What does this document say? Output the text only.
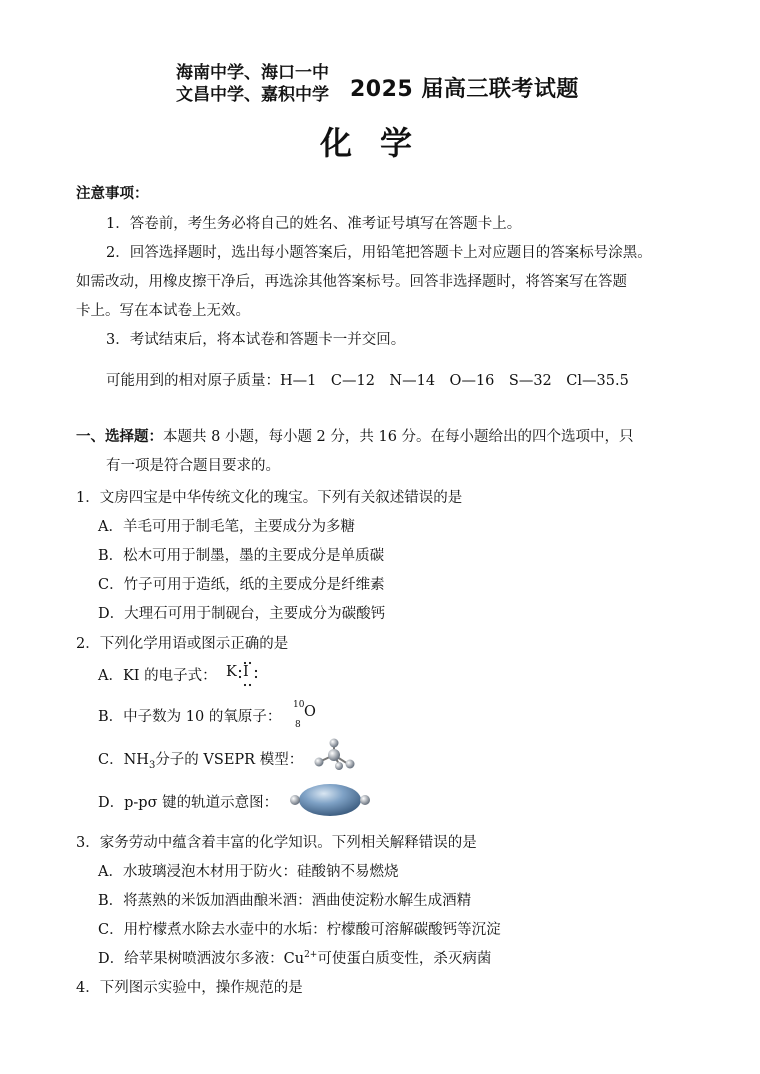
海南中学、海口一中
文昌中学、嘉积中学 2025 届高三联考试题
化学
注意事项：
1．答卷前，考生务必将自己的姓名、准考证号填写在答题卡上。
2．回答选择题时，选出每小题答案后，用铅笔把答题卡上对应题目的答案标号涂黑。
如需改动，用橡皮擦干净后，再选涂其他答案标号。回答非选择题时，将答案写在答题
卡上。写在本试卷上无效。
3．考试结束后，将本试卷和答题卡一并交回。
可能用到的相对原子质量：H—1　C—12　N—14　O—16　S—32　Cl—35.5
一、选择题：本题共 8 小题，每小题 2 分，共 16 分。在每小题给出的四个选项中，只
有一项是符合题目要求的。
1．文房四宝是中华传统文化的瑰宝。下列有关叙述错误的是
A．羊毛可用于制毛笔，主要成分为多糖
B．松木可用于制墨，墨的主要成分是单质碳
C．竹子可用于造纸，纸的主要成分是纤维素
D．大理石可用于制砚台，主要成分为碳酸钙
2．下列化学用语或图示正确的是
A．KI 的电子式： K I
B．中子数为 10 的氧原子：
10
8
O
C．$NH_3$分子的 VSEPR 模型：
D．p-pσ 键的轨道示意图：
3．家务劳动中蕴含着丰富的化学知识。下列相关解释错误的是
A．水玻璃浸泡木材用于防火：硅酸钠不易燃烧
B．将蒸熟的米饭加酒曲酿米酒：酒曲使淀粉水解生成酒精
C．用柠檬煮水除去水壶中的水垢：柠檬酸可溶解碳酸钙等沉淀
D．给苹果树喷洒波尔多液：$Cu^{2+}$可使蛋白质变性，杀灭病菌
4．下列图示实验中，操作规范的是
